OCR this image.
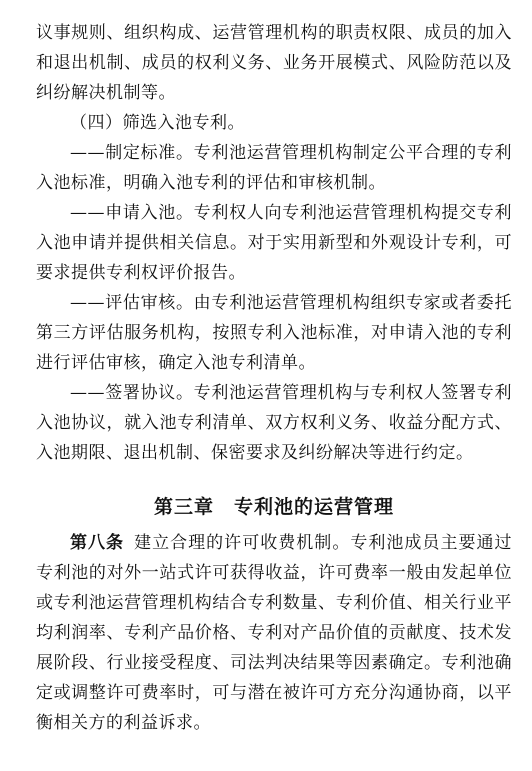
议事规则、组织构成、运营管理机构的职责权限、成员的加入和退出机制、成员的权利义务、业务开展模式、风险防范以及纠纷解决机制等。

（四）筛选入池专利。

——制定标准。专利池运营管理机构制定公平合理的专利入池标准，明确入池专利的评估和审核机制。

——申请入池。专利权人向专利池运营管理机构提交专利入池申请并提供相关信息。对于实用新型和外观设计专利，可要求提供专利权评价报告。

——评估审核。由专利池运营管理机构组织专家或者委托第三方评估服务机构，按照专利入池标准，对申请入池的专利进行评估审核，确定入池专利清单。

——签署协议。专利池运营管理机构与专利权人签署专利入池协议，就入池专利清单、双方权利义务、收益分配方式、入池期限、退出机制、保密要求及纠纷解决等进行约定。

第三章　专利池的运营管理

第八条 建立合理的许可收费机制。专利池成员主要通过专利池的对外一站式许可获得收益，许可费率一般由发起单位或专利池运营管理机构结合专利数量、专利价值、相关行业平均利润率、专利产品价格、专利对产品价值的贡献度、技术发展阶段、行业接受程度、司法判决结果等因素确定。专利池确定或调整许可费率时，可与潜在被许可方充分沟通协商，以平衡相关方的利益诉求。
